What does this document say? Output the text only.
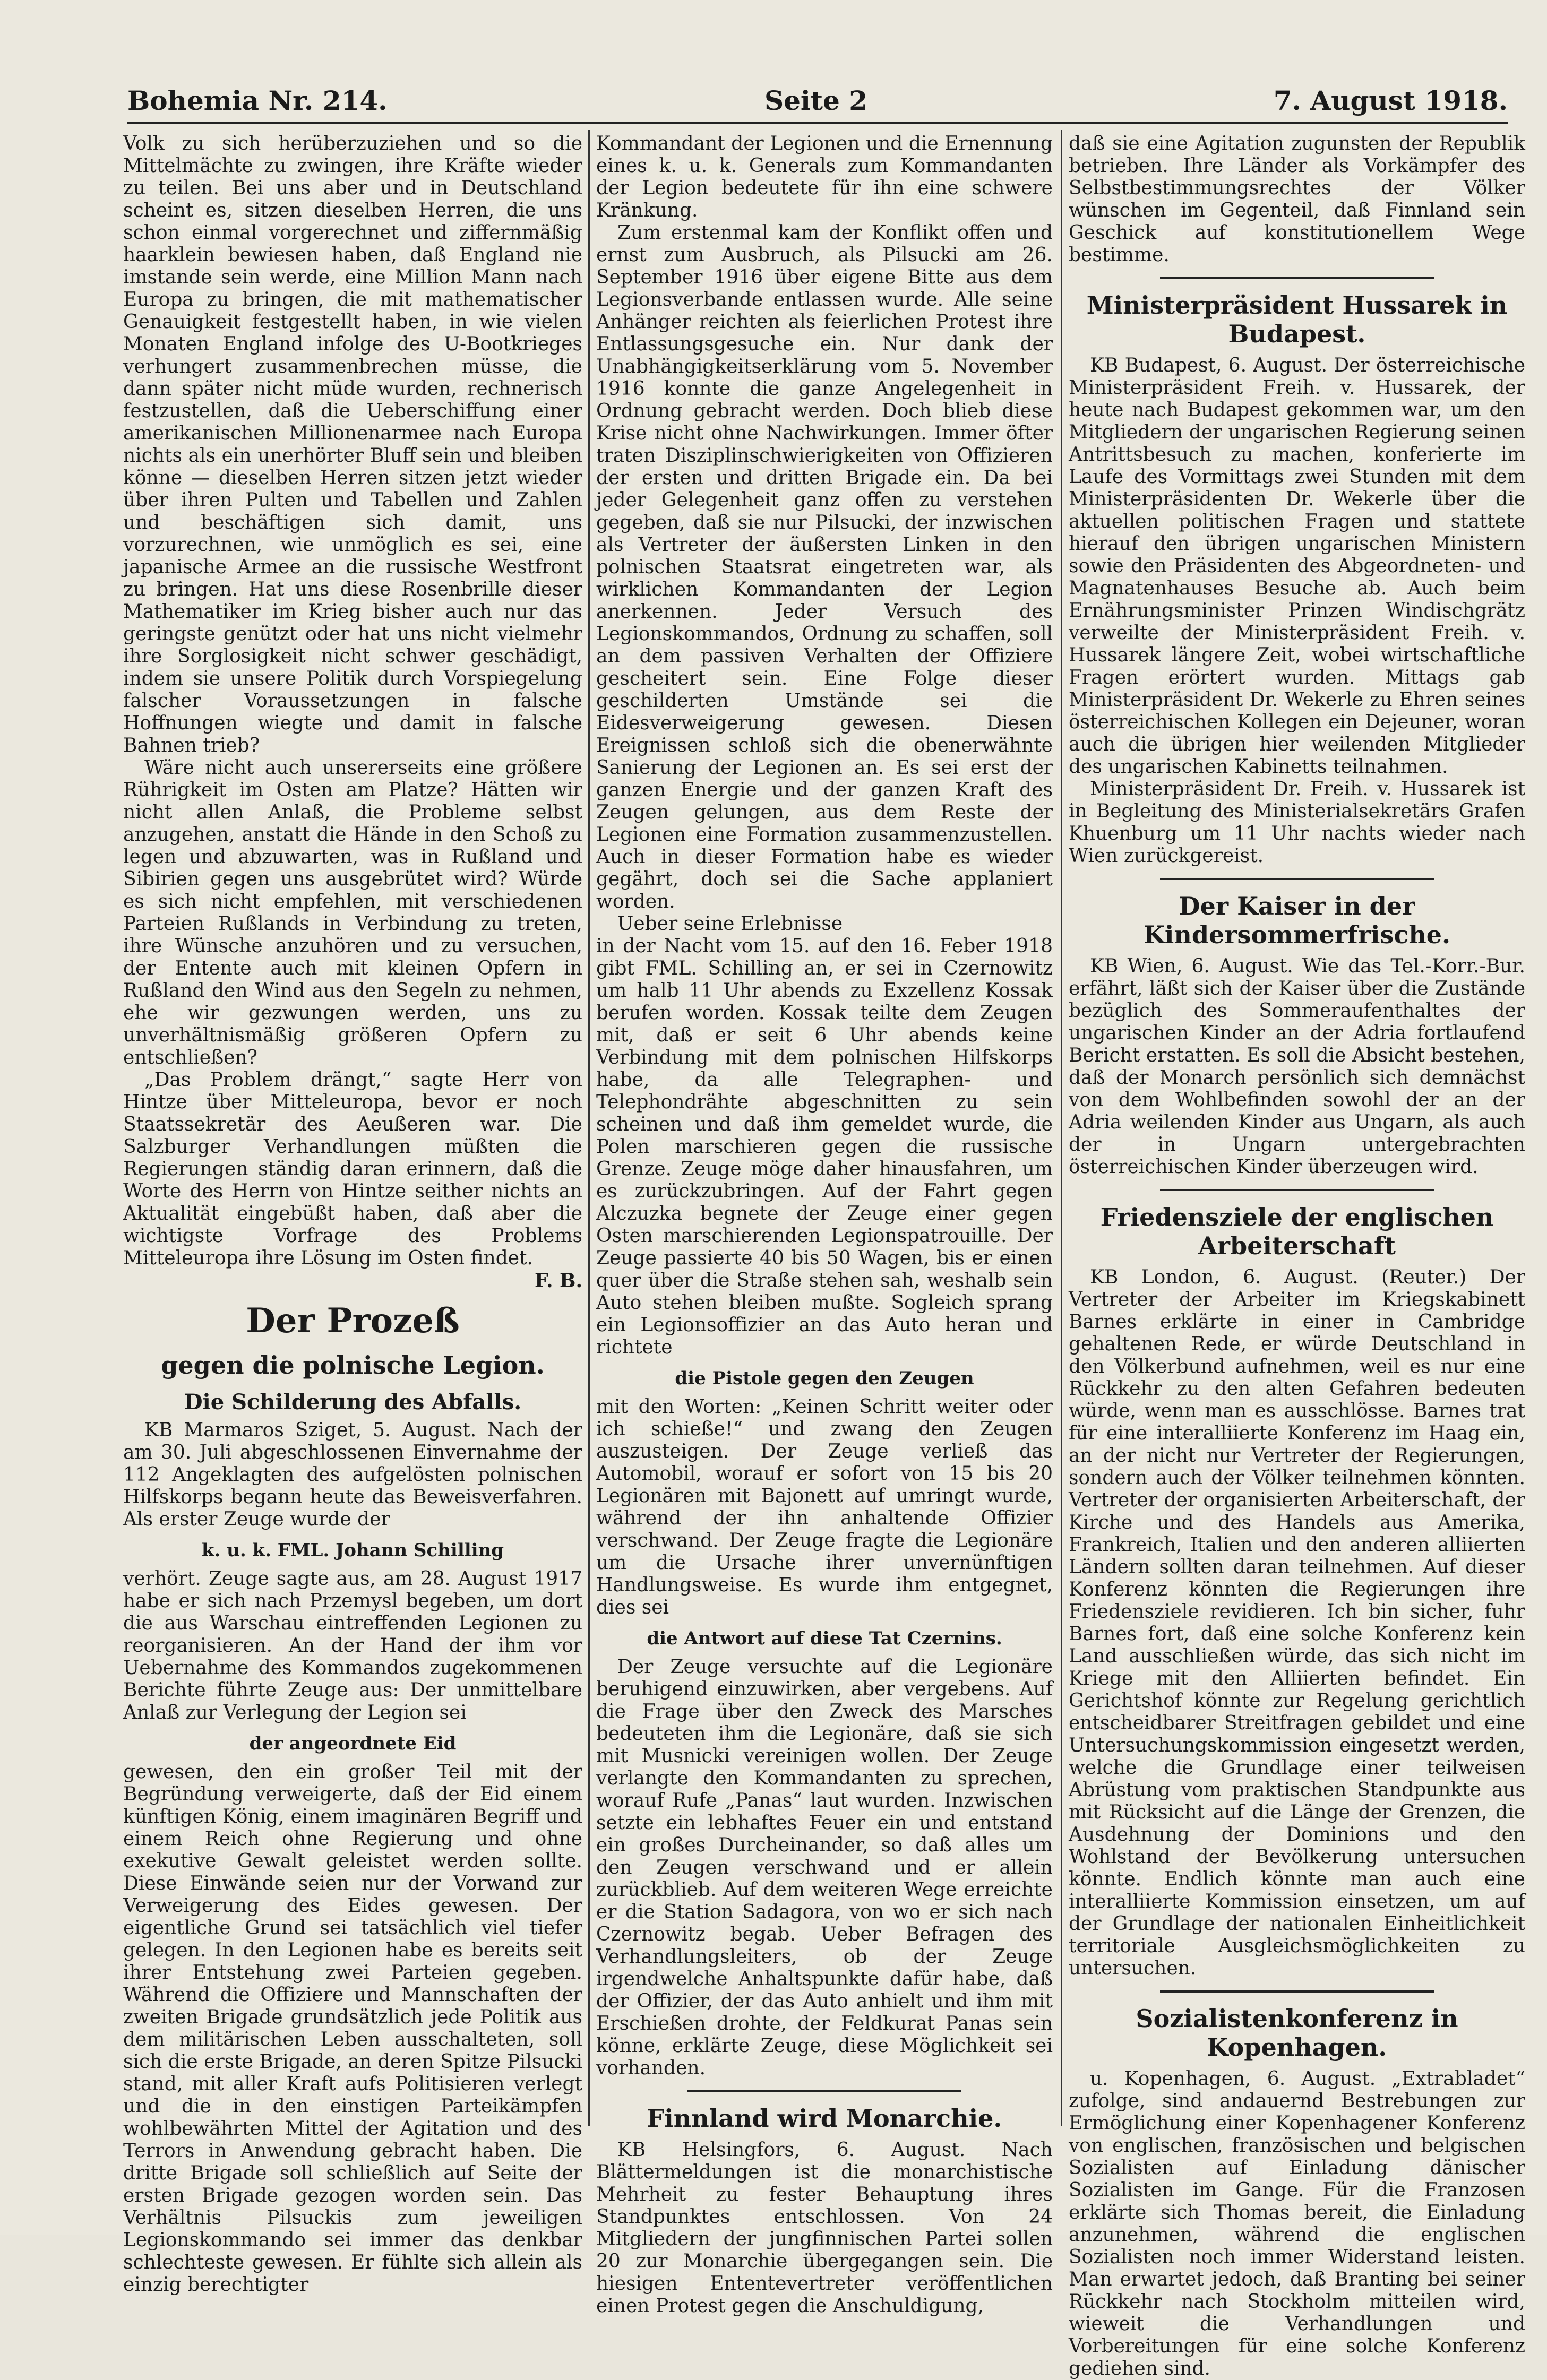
Bohemia Nr. 214.	Seite 2	7. August 1918.

Volk zu sich herüberzuziehen und so die Mittelmächte zu zwingen, ihre Kräfte wieder zu teilen. Bei uns aber und in Deutschland scheint es, sitzen dieselben Herren, die uns schon einmal vorgerechnet und ziffernmäßig haarklein bewiesen haben, daß England nie imstande sein werde, eine Million Mann nach Europa zu bringen, die mit mathematischer Genauigkeit festgestellt haben, in wie vielen Monaten England infolge des U-Bootkrieges verhungert zusammenbrechen müsse, die dann später nicht müde wurden, rechnerisch festzustellen, daß die Ueberschiffung einer amerikanischen Millionenarmee nach Europa nichts als ein unerhörter Bluff sein und bleiben könne — dieselben Herren sitzen jetzt wieder über ihren Pulten und Tabellen und Zahlen und beschäftigen sich damit, uns vorzurechnen, wie unmöglich es sei, eine japanische Armee an die russische Westfront zu bringen. Hat uns diese Rosenbrille dieser Mathematiker im Krieg bisher auch nur das geringste genützt oder hat uns nicht vielmehr ihre Sorglosigkeit nicht schwer geschädigt, indem sie unsere Politik durch Vorspiegelung falscher Voraussetzungen in falsche Hoffnungen wiegte und damit in falsche Bahnen trieb?

Wäre nicht auch unsererseits eine größere Rührigkeit im Osten am Platze? Hätten wir nicht allen Anlaß, die Probleme selbst anzugehen, anstatt die Hände in den Schoß zu legen und abzuwarten, was in Rußland und Sibirien gegen uns ausgebrütet wird? Würde es sich nicht empfehlen, mit verschiedenen Parteien Rußlands in Verbindung zu treten, ihre Wünsche anzuhören und zu versuchen, der Entente auch mit kleinen Opfern in Rußland den Wind aus den Segeln zu nehmen, ehe wir gezwungen werden, uns zu unverhältnismäßig größeren Opfern zu entschließen?

„Das Problem drängt,“ sagte Herr von Hintze über Mitteleuropa, bevor er noch Staatssekretär des Aeußeren war. Die Salzburger Verhandlungen müßten die Regierungen ständig daran erinnern, daß die Worte des Herrn von Hintze seither nichts an Aktualität eingebüßt haben, daß aber die wichtigste Vorfrage des Problems Mitteleuropa ihre Lösung im Osten findet.

F. B.
Der Prozeß
gegen die polnische Legion.
Die Schilderung des Abfalls.

KB Marmaros Sziget, 5. August. Nach der am 30. Juli abgeschlossenen Einvernahme der 112 Angeklagten des aufgelösten polnischen Hilfskorps begann heute das Beweisverfahren. Als erster Zeuge wurde der

k. u. k. FML. Johann Schilling

verhört. Zeuge sagte aus, am 28. August 1917 habe er sich nach Przemysl begeben, um dort die aus Warschau eintreffenden Legionen zu reorganisieren. An der Hand der ihm vor Uebernahme des Kommandos zugekommenen Berichte führte Zeuge aus: Der unmittelbare Anlaß zur Verlegung der Legion sei

der angeordnete Eid

gewesen, den ein großer Teil mit der Begründung verweigerte, daß der Eid einem künftigen König, einem imaginären Begriff und einem Reich ohne Regierung und ohne exekutive Gewalt geleistet werden sollte. Diese Einwände seien nur der Vorwand zur Verweigerung des Eides gewesen. Der eigentliche Grund sei tatsächlich viel tiefer gelegen. In den Legionen habe es bereits seit ihrer Entstehung zwei Parteien gegeben. Während die Offiziere und Mannschaften der zweiten Brigade grundsätzlich jede Politik aus dem militärischen Leben ausschalteten, soll sich die erste Brigade, an deren Spitze Pilsucki stand, mit aller Kraft aufs Politisieren verlegt und die in den einstigen Parteikämpfen wohlbewährten Mittel der Agitation und des Terrors in Anwendung gebracht haben. Die dritte Brigade soll schließlich auf Seite der ersten Brigade gezogen worden sein. Das Verhältnis Pilsuckis zum jeweiligen Legionskommando sei immer das denkbar schlechteste gewesen. Er fühlte sich allein als einzig berechtigter

Kommandant der Legionen und die Ernennung eines k. u. k. Generals zum Kommandanten der Legion bedeutete für ihn eine schwere Kränkung.

Zum erstenmal kam der Konflikt offen und ernst zum Ausbruch, als Pilsucki am 26. September 1916 über eigene Bitte aus dem Legionsverbande entlassen wurde. Alle seine Anhänger reichten als feierlichen Protest ihre Entlassungsgesuche ein. Nur dank der Unabhängigkeitserklärung vom 5. November 1916 konnte die ganze Angelegenheit in Ordnung gebracht werden. Doch blieb diese Krise nicht ohne Nachwirkungen. Immer öfter traten Disziplinschwierigkeiten von Offizieren der ersten und dritten Brigade ein. Da bei jeder Gelegenheit ganz offen zu verstehen gegeben, daß sie nur Pilsucki, der inzwischen als Vertreter der äußersten Linken in den polnischen Staatsrat eingetreten war, als wirklichen Kommandanten der Legion anerkennen. Jeder Versuch des Legionskommandos, Ordnung zu schaffen, soll an dem passiven Verhalten der Offiziere gescheitert sein. Eine Folge dieser geschilderten Umstände sei die Eidesverweigerung gewesen. Diesen Ereignissen schloß sich die obenerwähnte Sanierung der Legionen an. Es sei erst der ganzen Energie und der ganzen Kraft des Zeugen gelungen, aus dem Reste der Legionen eine Formation zusammenzustellen. Auch in dieser Formation habe es wieder gegährt, doch sei die Sache applaniert worden.

Ueber seine Erlebnisse

in der Nacht vom 15. auf den 16. Feber 1918 gibt FML. Schilling an, er sei in Czernowitz um halb 11 Uhr abends zu Exzellenz Kossak berufen worden. Kossak teilte dem Zeugen mit, daß er seit 6 Uhr abends keine Verbindung mit dem polnischen Hilfskorps habe, da alle Telegraphen- und Telephondrähte abgeschnitten zu sein scheinen und daß ihm gemeldet wurde, die Polen marschieren gegen die russische Grenze. Zeuge möge daher hinausfahren, um es zurückzubringen. Auf der Fahrt gegen Alczuzka begnete der Zeuge einer gegen Osten marschierenden Legionspatrouille. Der Zeuge passierte 40 bis 50 Wagen, bis er einen quer über die Straße stehen sah, weshalb sein Auto stehen bleiben mußte. Sogleich sprang ein Legionsoffizier an das Auto heran und richtete

die Pistole gegen den Zeugen

mit den Worten: „Keinen Schritt weiter oder ich schieße!“ und zwang den Zeugen auszusteigen. Der Zeuge verließ das Automobil, worauf er sofort von 15 bis 20 Legionären mit Bajonett auf umringt wurde, während der ihn anhaltende Offizier verschwand. Der Zeuge fragte die Legionäre um die Ursache ihrer unvernünftigen Handlungsweise. Es wurde ihm entgegnet, dies sei

die Antwort auf diese Tat Czernins.

Der Zeuge versuchte auf die Legionäre beruhigend einzuwirken, aber vergebens. Auf die Frage über den Zweck des Marsches bedeuteten ihm die Legionäre, daß sie sich mit Musnicki vereinigen wollen. Der Zeuge verlangte den Kommandanten zu sprechen, worauf Rufe „Panas“ laut wurden. Inzwischen setzte ein lebhaftes Feuer ein und entstand ein großes Durcheinander, so daß alles um den Zeugen verschwand und er allein zurückblieb. Auf dem weiteren Wege erreichte er die Station Sadagora, von wo er sich nach Czernowitz begab. Ueber Befragen des Verhandlungsleiters, ob der Zeuge irgendwelche Anhaltspunkte dafür habe, daß der Offizier, der das Auto anhielt und ihm mit Erschießen drohte, der Feldkurat Panas sein könne, erklärte Zeuge, diese Möglichkeit sei vorhanden.

Finnland wird Monarchie.

KB Helsingfors, 6. August. Nach Blättermeldungen ist die monarchistische Mehrheit zu fester Behauptung ihres Standpunktes entschlossen. Von 24 Mitgliedern der jungfinnischen Partei sollen 20 zur Monarchie übergegangen sein. Die hiesigen Ententevertreter veröffentlichen einen Protest gegen die Anschuldigung,

daß sie eine Agitation zugunsten der Republik betrieben. Ihre Länder als Vorkämpfer des Selbstbestimmungsrechtes der Völker wünschen im Gegenteil, daß Finnland sein Geschick auf konstitutionellem Wege bestimme.

Ministerpräsident Hussarek in Budapest.

KB Budapest, 6. August. Der österreichische Ministerpräsident Freih. v. Hussarek, der heute nach Budapest gekommen war, um den Mitgliedern der ungarischen Regierung seinen Antrittsbesuch zu machen, konferierte im Laufe des Vormittags zwei Stunden mit dem Ministerpräsidenten Dr. Wekerle über die aktuellen politischen Fragen und stattete hierauf den übrigen ungarischen Ministern sowie den Präsidenten des Abgeordneten- und Magnatenhauses Besuche ab. Auch beim Ernährungsminister Prinzen Windischgrätz verweilte der Ministerpräsident Freih. v. Hussarek längere Zeit, wobei wirtschaftliche Fragen erörtert wurden. Mittags gab Ministerpräsident Dr. Wekerle zu Ehren seines österreichischen Kollegen ein Dejeuner, woran auch die übrigen hier weilenden Mitglieder des ungarischen Kabinetts teilnahmen.

Ministerpräsident Dr. Freih. v. Hussarek ist in Begleitung des Ministerialsekretärs Grafen Khuenburg um 11 Uhr nachts wieder nach Wien zurückgereist.

Der Kaiser in der Kindersommerfrische.

KB Wien, 6. August. Wie das Tel.-Korr.-Bur. erfährt, läßt sich der Kaiser über die Zustände bezüglich des Sommeraufenthaltes der ungarischen Kinder an der Adria fortlaufend Bericht erstatten. Es soll die Absicht bestehen, daß der Monarch persönlich sich demnächst von dem Wohlbefinden sowohl der an der Adria weilenden Kinder aus Ungarn, als auch der in Ungarn untergebrachten österreichischen Kinder überzeugen wird.

Friedensziele der englischen Arbeiterschaft

KB London, 6. August. (Reuter.) Der Vertreter der Arbeiter im Kriegskabinett Barnes erklärte in einer in Cambridge gehaltenen Rede, er würde Deutschland in den Völkerbund aufnehmen, weil es nur eine Rückkehr zu den alten Gefahren bedeuten würde, wenn man es ausschlösse. Barnes trat für eine interalliierte Konferenz im Haag ein, an der nicht nur Vertreter der Regierungen, sondern auch der Völker teilnehmen könnten. Vertreter der organisierten Arbeiterschaft, der Kirche und des Handels aus Amerika, Frankreich, Italien und den anderen alliierten Ländern sollten daran teilnehmen. Auf dieser Konferenz könnten die Regierungen ihre Friedensziele revidieren. Ich bin sicher, fuhr Barnes fort, daß eine solche Konferenz kein Land ausschließen würde, das sich nicht im Kriege mit den Alliierten befindet. Ein Gerichtshof könnte zur Regelung gerichtlich entscheidbarer Streitfragen gebildet und eine Untersuchungskommission eingesetzt werden, welche die Grundlage einer teilweisen Abrüstung vom praktischen Standpunkte aus mit Rücksicht auf die Länge der Grenzen, die Ausdehnung der Dominions und den Wohlstand der Bevölkerung untersuchen könnte. Endlich könnte man auch eine interalliierte Kommission einsetzen, um auf der Grundlage der nationalen Einheitlichkeit territoriale Ausgleichsmöglichkeiten zu untersuchen.

Sozialistenkonferenz in Kopenhagen.

u. Kopenhagen, 6. August. „Extrabladet“ zufolge, sind andauernd Bestrebungen zur Ermöglichung einer Kopenhagener Konferenz von englischen, französischen und belgischen Sozialisten auf Einladung dänischer Sozialisten im Gange. Für die Franzosen erklärte sich Thomas bereit, die Einladung anzunehmen, während die englischen Sozialisten noch immer Widerstand leisten. Man erwartet jedoch, daß Branting bei seiner Rückkehr nach Stockholm mitteilen wird, wieweit die Verhandlungen und Vorbereitungen für eine solche Konferenz gediehen sind.
